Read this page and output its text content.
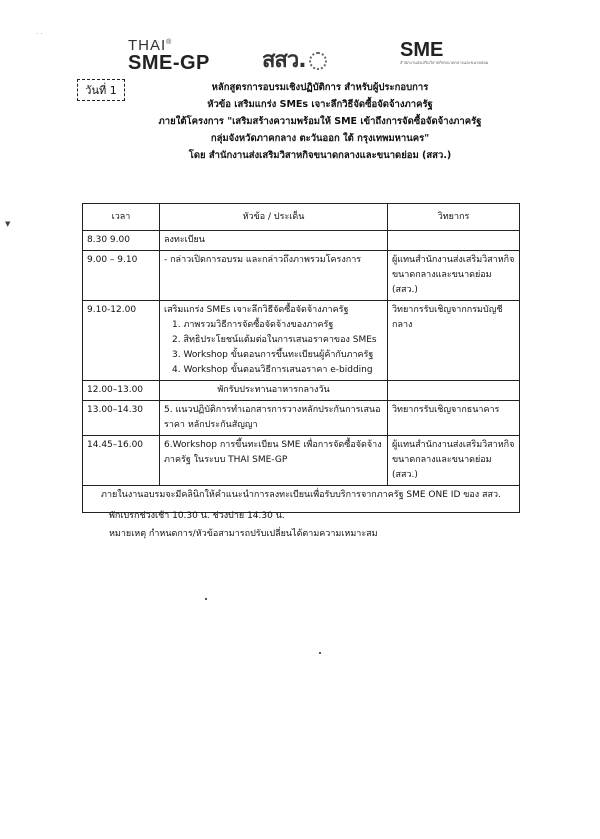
· ·
▼
THAI®
SME-GP สสว.	SME
สำนักงานส่งเสริมวิสาหกิจขนาดกลางและขนาดย่อม
วันที่ 1	หลักสูตรการอบรมเชิงปฏิบัติการ สำหรับผู้ประกอบการ
หัวข้อ เสริมแกร่ง SMEs เจาะลึกวิธีจัดซื้อจัดจ้างภาครัฐ
ภายใต้โครงการ "เสริมสร้างความพร้อมให้ SME เข้าถึงการจัดซื้อจัดจ้างภาครัฐ
กลุ่มจังหวัดภาคกลาง ตะวันออก ใต้ กรุงเทพมหานคร"
โดย สำนักงานส่งเสริมวิสาหกิจขนาดกลางและขนาดย่อม (สสว.)
เวลา	หัวข้อ / ประเด็น	วิทยากร
8.30 9.00	ลงทะเบียน	
9.00 – 9.10	- กล่าวเปิดการอบรม และกล่าวถึงภาพรวมโครงการ	ผู้แทนสำนักงานส่งเสริมวิสาหกิจขนาดกลางและขนาดย่อม (สสว.)
9.10-12.00	เสริมแกร่ง SMEs เจาะลึกวิธีจัดซื้อจัดจ้างภาครัฐ
1. ภาพรวมวิธีการจัดซื้อจัดจ้างของภาครัฐ
2. สิทธิประโยชน์แต้มต่อในการเสนอราคาของ SMEs
3. Workshop ขั้นตอนการขึ้นทะเบียนผู้ค้ากับภาครัฐ
4. Workshop ขั้นตอนวิธีการเสนอราคา e-bidding	วิทยากรรับเชิญจากกรมบัญชีกลาง
12.00–13.00	พักรับประทานอาหารกลางวัน	
13.00–14.30	5. แนวปฏิบัติการทำเอกสารการวางหลักประกันการเสนอราคา หลักประกันสัญญา	วิทยากรรับเชิญจากธนาคาร
14.45–16.00	6.Workshop การขึ้นทะเบียน SME เพื่อการจัดซื้อจัดจ้างภาครัฐ ในระบบ THAI SME-GP	ผู้แทนสำนักงานส่งเสริมวิสาหกิจขนาดกลางและขนาดย่อม (สสว.)
ภายในงานอบรมจะมีคลินิกให้คำแนะนำการลงทะเบียนเพื่อรับบริการจากภาครัฐ SME ONE ID ของ สสว.		
พักเบรกช่วงเช้า 10.30 น. ช่วงบ่าย 14.30 น.
หมายเหตุ กำหนดการ/หัวข้อสามารถปรับเปลี่ยนได้ตามความเหมาะสม
